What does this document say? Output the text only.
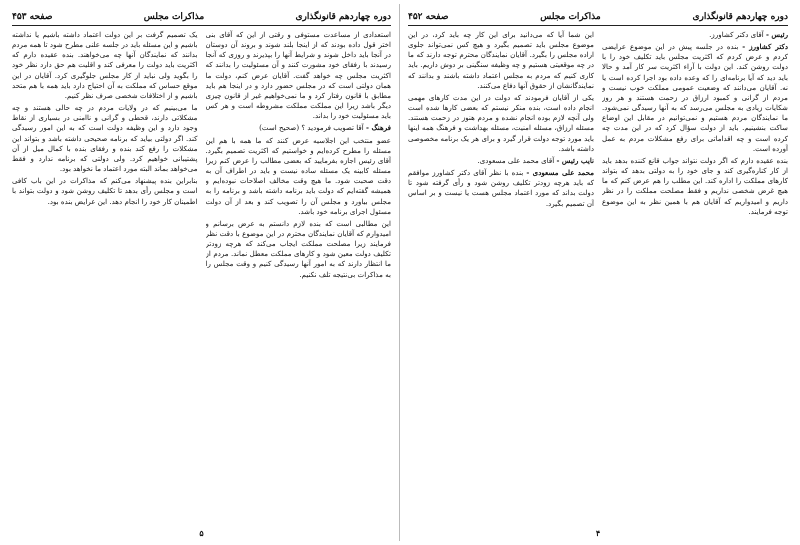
دوره چهاردهم قانونگذاری
مذاکرات مجلس
صفحه ۴۵۳

استعدادی از مساعدت مستوفی و رقتی از این که آقای بنی اختر قول داده بودند که از اینجا بلند شوند و بروند آن دوستان در آنجا باید داخل شوند و شرایط آنها را بپذیرند و روزی که آنجا رسیدند با رفقای خود مشورت کنند و آن مسئولیت را بدانند که اکثریت مجلس چه خواهد گفت. آقایان عرض کنم، دولت ما همان دولتی است که در مجلس حضور دارد و در اینجا هم باید مطابق با قانون رفتار کرد و ما نمی‌خواهیم غیر از قانون چیزی دیگر باشد زیرا این مملکت مملکت مشروطه است و هر کس باید مسئولیت خود را بداند.

فرهنگ - آقا تصویب فرمودید ؟ (صحیح است)

عضو منتخب این اجلاسیه عرض کنند که ما همه با هم این مسئله را مطرح کرده‌ایم و خواستیم که اکثریت تصمیم بگیرد. آقای رئیس اجازه بفرمایید که بعضی مطالب را عرض کنم زیرا مسئله کابینه یک مسئله ساده نیست و باید در اطراف آن به دقت صحبت شود. ما هیچ وقت مخالف اصلاحات نبوده‌ایم و همیشه گفته‌ایم که دولت باید برنامه داشته باشد و برنامه را به مجلس بیاورد و مجلس آن را تصویب کند و بعد از آن دولت مسئول اجرای برنامه خود باشد.

این مطالبی است که بنده لازم دانستم به عرض برسانم و امیدوارم که آقایان نمایندگان محترم در این موضوع با دقت نظر فرمایند زیرا مصلحت مملکت ایجاب می‌کند که هرچه زودتر تکلیف دولت معین شود و کارهای مملکت معطل نماند. مردم از ما انتظار دارند که به امور آنها رسیدگی کنیم و وقت مجلس را به مذاکرات بی‌نتیجه تلف نکنیم.

یک تصمیم گرفت بر این دولت اعتماد داشته باشیم یا نداشته باشیم و این مسئله باید در جلسه علنی مطرح شود تا همه مردم بدانند که نمایندگان آنها چه می‌خواهند. بنده عقیده دارم که اکثریت باید دولت را معرفی کند و اقلیت هم حق دارد نظر خود را بگوید ولی نباید از کار مجلس جلوگیری کرد. آقایان در این موقع حساس که مملکت به آن احتیاج دارد باید همه با هم متحد باشیم و از اختلافات شخصی صرف نظر کنیم.

ما می‌بینیم که در ولایات مردم در چه حالی هستند و چه مشکلاتی دارند، قحطی و گرانی و ناامنی در بسیاری از نقاط وجود دارد و این وظیفه دولت است که به این امور رسیدگی کند. اگر دولتی بیاید که برنامه صحیحی داشته باشد و بتواند این مشکلات را رفع کند بنده و رفقای بنده با کمال میل از آن پشتیبانی خواهیم کرد. ولی دولتی که برنامه ندارد و فقط می‌خواهد بماند البته مورد اعتماد ما نخواهد بود.

بنابراین بنده پیشنهاد می‌کنم که مذاکرات در این باب کافی است و مجلس رأی بدهد تا تکلیف روشن شود و دولت بتواند با اطمینان کار خود را انجام دهد. این عرایض بنده بود.

۵
دوره چهاردهم قانونگذاری
مذاکرات مجلس
صفحه ۴۵۲

رئیس - آقای دکتر کشاورز.

دکتر کشاورز - بنده در جلسه پیش در این موضوع عرایضی کردم و عرض کردم که اکثریت مجلس باید تکلیف خود را با دولت روشن کند. این دولت با آراء اکثریت سر کار آمد و حالا باید دید که آیا برنامه‌ای را که وعده داده بود اجرا کرده است یا نه. آقایان می‌دانند که وضعیت عمومی مملکت خوب نیست و مردم از گرانی و کمبود ارزاق در زحمت هستند و هر روز شکایات زیادی به مجلس می‌رسد که به آنها رسیدگی نمی‌شود. ما نمایندگان مردم هستیم و نمی‌توانیم در مقابل این اوضاع ساکت بنشینیم. باید از دولت سؤال کرد که در این مدت چه کرده است و چه اقداماتی برای رفع مشکلات مردم به عمل آورده است.

بنده عقیده دارم که اگر دولت نتواند جواب قانع کننده بدهد باید از کار کناره‌گیری کند و جای خود را به دولتی بدهد که بتواند کارهای مملکت را اداره کند. این مطلب را هم عرض کنم که ما هیچ غرض شخصی نداریم و فقط مصلحت مملکت را در نظر داریم و امیدواریم که آقایان هم با همین نظر به این موضوع توجه فرمایند.

این شما آیا که می‌دانید برای این کار چه باید کرد، در این موضوع مجلس باید تصمیم بگیرد و هیچ کس نمی‌تواند جلوی اراده مجلس را بگیرد. آقایان نمایندگان محترم توجه دارند که ما در چه موقعیتی هستیم و چه وظیفه سنگینی بر دوش داریم. باید کاری کنیم که مردم به مجلس اعتماد داشته باشند و بدانند که نمایندگانشان از حقوق آنها دفاع می‌کنند.

یکی از آقایان فرمودند که دولت در این مدت کارهای مهمی انجام داده است، بنده منکر نیستم که بعضی کارها شده است ولی آنچه لازم بوده انجام نشده و مردم هنوز در زحمت هستند. مسئله ارزاق، مسئله امنیت، مسئله بهداشت و فرهنگ همه اینها باید مورد توجه دولت قرار گیرد و برای هر یک برنامه مخصوصی داشته باشد.

نایب رئیس - آقای محمد علی مسعودی.

محمد علی مسعودی - بنده با نظر آقای دکتر کشاورز موافقم که باید هرچه زودتر تکلیف روشن شود و رأی گرفته شود تا دولت بداند که مورد اعتماد مجلس هست یا نیست و بر اساس آن تصمیم بگیرد.

۴
